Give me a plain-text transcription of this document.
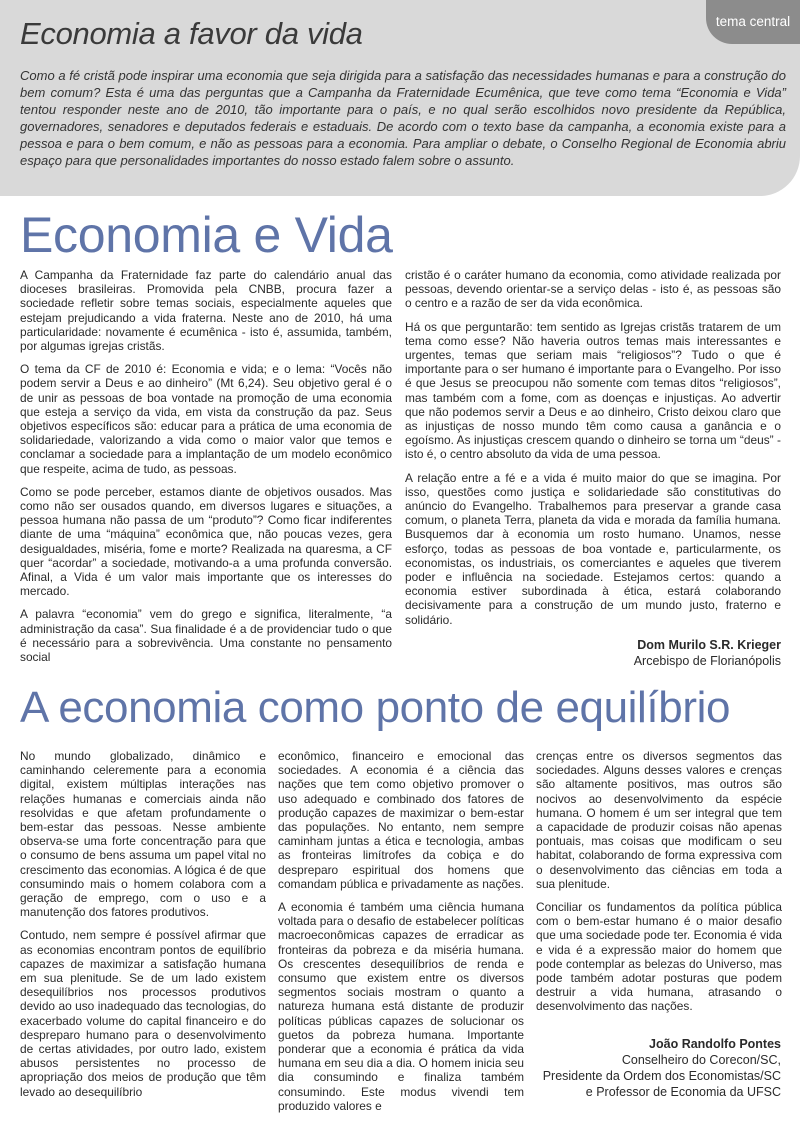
tema central
Economia a favor da vida

Como a fé cristã pode inspirar uma economia que seja dirigida para a satisfação das necessidades humanas e para a construção do bem comum? Esta é uma das perguntas que a Campanha da Fraternidade Ecumênica, que teve como tema “Economia e Vida” tentou responder neste ano de 2010, tão importante para o país, e no qual serão escolhidos novo presidente da República, governadores, senadores e deputados federais e estaduais. De acordo com o texto base da campanha, a economia existe para a pessoa e para o bem comum, e não as pessoas para a economia. Para ampliar o debate, o Conselho Regional de Economia abriu espaço para que personalidades importantes do nosso estado falem sobre o assunto.

Economia e Vida

A Campanha da Fraternidade faz parte do calendário anual das dioceses brasileiras. Promovida pela CNBB, procura fazer a sociedade refletir sobre temas sociais, especialmente aqueles que estejam prejudicando a vida fraterna. Neste ano de 2010, há uma particularidade: novamente é ecumênica - isto é, assumida, também, por algumas igrejas cristãs.

O tema da CF de 2010 é: Economia e vida; e o lema: “Vocês não podem servir a Deus e ao dinheiro” (Mt 6,24). Seu objetivo geral é o de unir as pessoas de boa vontade na promoção de uma economia que esteja a serviço da vida, em vista da construção da paz. Seus objetivos específicos são: educar para a prática de uma economia de solidariedade, valorizando a vida como o maior valor que temos e conclamar a sociedade para a implantação de um modelo econômico que respeite, acima de tudo, as pessoas.

Como se pode perceber, estamos diante de objetivos ousados. Mas como não ser ousados quando, em diversos lugares e situações, a pessoa humana não passa de um “produto”? Como ficar indiferentes diante de uma “máquina” econômica que, não poucas vezes, gera desigualdades, miséria, fome e morte? Realizada na quaresma, a CF quer “acordar” a sociedade, motivando-a a uma profunda conversão. Afinal, a Vida é um valor mais importante que os interesses do mercado.

A palavra “economia” vem do grego e significa, literalmente, “a administração da casa”. Sua finalidade é a de providenciar tudo o que é necessário para a sobrevivência. Uma constante no pensamento social

cristão é o caráter humano da economia, como atividade realizada por pessoas, devendo orientar-se a serviço delas - isto é, as pessoas são o centro e a razão de ser da vida econômica.

Há os que perguntarão: tem sentido as Igrejas cristãs tratarem de um tema como esse? Não haveria outros temas mais interessantes e urgentes, temas que seriam mais “religiosos”? Tudo o que é importante para o ser humano é importante para o Evangelho. Por isso é que Jesus se preocupou não somente com temas ditos “religiosos”, mas também com a fome, com as doenças e injustiças. Ao advertir que não podemos servir a Deus e ao dinheiro, Cristo deixou claro que as injustiças de nosso mundo têm como causa a ganância e o egoísmo. As injustiças crescem quando o dinheiro se torna um “deus” - isto é, o centro absoluto da vida de uma pessoa.

A relação entre a fé e a vida é muito maior do que se imagina. Por isso, questões como justiça e solidariedade são constitutivas do anúncio do Evangelho. Trabalhemos para preservar a grande casa comum, o planeta Terra, planeta da vida e morada da família humana. Busquemos dar à economia um rosto humano. Unamos, nesse esforço, todas as pessoas de boa vontade e, particularmente, os economistas, os industriais, os comerciantes e aqueles que tiverem poder e influência na sociedade. Estejamos certos: quando a economia estiver subordinada à ética, estará colaborando decisivamente para a construção de um mundo justo, fraterno e solidário.

Dom Murilo S.R. Krieger
Arcebispo de Florianópolis
A economia como ponto de equilíbrio

No mundo globalizado, dinâmico e caminhando celeremente para a economia digital, existem múltiplas interações nas relações humanas e comerciais ainda não resolvidas e que afetam profundamente o bem-estar das pessoas. Nesse ambiente observa-se uma forte concentração para que o consumo de bens assuma um papel vital no crescimento das economias. A lógica é de que consumindo mais o homem colabora com a geração de emprego, com o uso e a manutenção dos fatores produtivos.

Contudo, nem sempre é possível afirmar que as economias encontram pontos de equilíbrio capazes de maximizar a satisfação humana em sua plenitude. Se de um lado existem desequilíbrios nos processos produtivos devido ao uso inadequado das tecnologias, do exacerbado volume do capital financeiro e do despreparo humano para o desenvolvimento de certas atividades, por outro lado, existem abusos persistentes no processo de apropriação dos meios de produção que têm levado ao desequilíbrio

econômico, financeiro e emocional das sociedades. A economia é a ciência das nações que tem como objetivo promover o uso adequado e combinado dos fatores de produção capazes de maximizar o bem-estar das populações. No entanto, nem sempre caminham juntas a ética e tecnologia, ambas as fronteiras limítrofes da cobiça e do despreparo espiritual dos homens que comandam pública e privadamente as nações.

A economia é também uma ciência humana voltada para o desafio de estabelecer políticas macroeconômicas capazes de erradicar as fronteiras da pobreza e da miséria humana. Os crescentes desequilíbrios de renda e consumo que existem entre os diversos segmentos sociais mostram o quanto a natureza humana está distante de produzir políticas públicas capazes de solucionar os guetos da pobreza humana. Importante ponderar que a economia é prática da vida humana em seu dia a dia. O homem inicia seu dia consumindo e finaliza também consumindo. Este modus vivendi tem produzido valores e

crenças entre os diversos segmentos das sociedades. Alguns desses valores e crenças são altamente positivos, mas outros são nocivos ao desenvolvimento da espécie humana. O homem é um ser integral que tem a capacidade de produzir coisas não apenas pontuais, mas coisas que modificam o seu habitat, colaborando de forma expressiva com o desenvolvimento das ciências em toda a sua plenitude.

Conciliar os fundamentos da política pública com o bem-estar humano é o maior desafio que uma sociedade pode ter. Economia é vida e vida é a expressão maior do homem que pode contemplar as belezas do Universo, mas pode também adotar posturas que podem destruir a vida humana, atrasando o desenvolvimento das nações.

João Randolfo Pontes
Conselheiro do Corecon/SC,
Presidente da Ordem dos Economistas/SC
e Professor de Economia da UFSC
